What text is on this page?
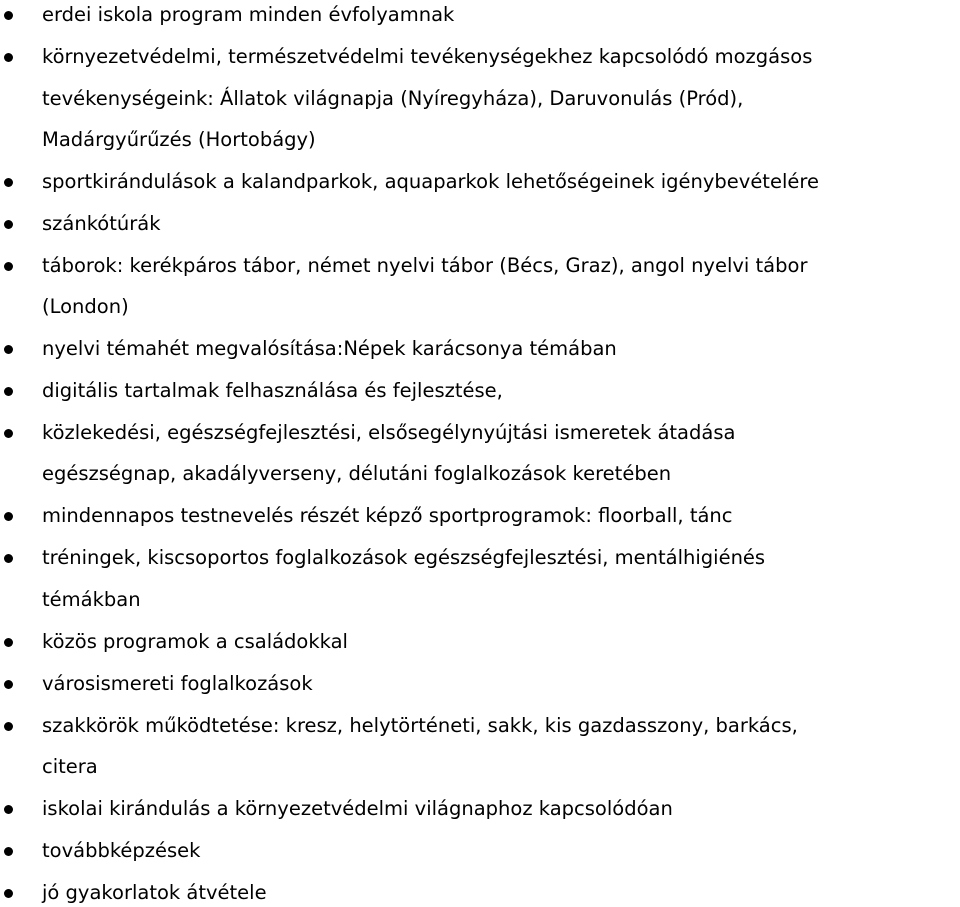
erdei iskola program minden évfolyamnak
környezetvédelmi, természetvédelmi tevékenységekhez kapcsolódó mozgásos
tevékenységeink: Állatok világnapja (Nyíregyháza), Daruvonulás (Pród),
Madárgyűrűzés (Hortobágy)
sportkirándulások a kalandparkok, aquaparkok lehetőségeinek igénybevételére
szánkótúrák
táborok: kerékpáros tábor, német nyelvi tábor (Bécs, Graz), angol nyelvi tábor
(London)
nyelvi témahét megvalósítása:Népek karácsonya témában
digitális tartalmak felhasználása és fejlesztése,
közlekedési, egészségfejlesztési, elsősegélynyújtási ismeretek átadása
egészségnap, akadályverseny, délutáni foglalkozások keretében
mindennapos testnevelés részét képző sportprogramok: floorball, tánc
tréningek, kiscsoportos foglalkozások egészségfejlesztési, mentálhigiénés
témákban
közös programok a családokkal
városismereti foglalkozások
szakkörök működtetése: kresz, helytörténeti, sakk, kis gazdasszony, barkács,
citera
iskolai kirándulás a környezetvédelmi világnaphoz kapcsolódóan
továbbképzések
jó gyakorlatok átvétele
